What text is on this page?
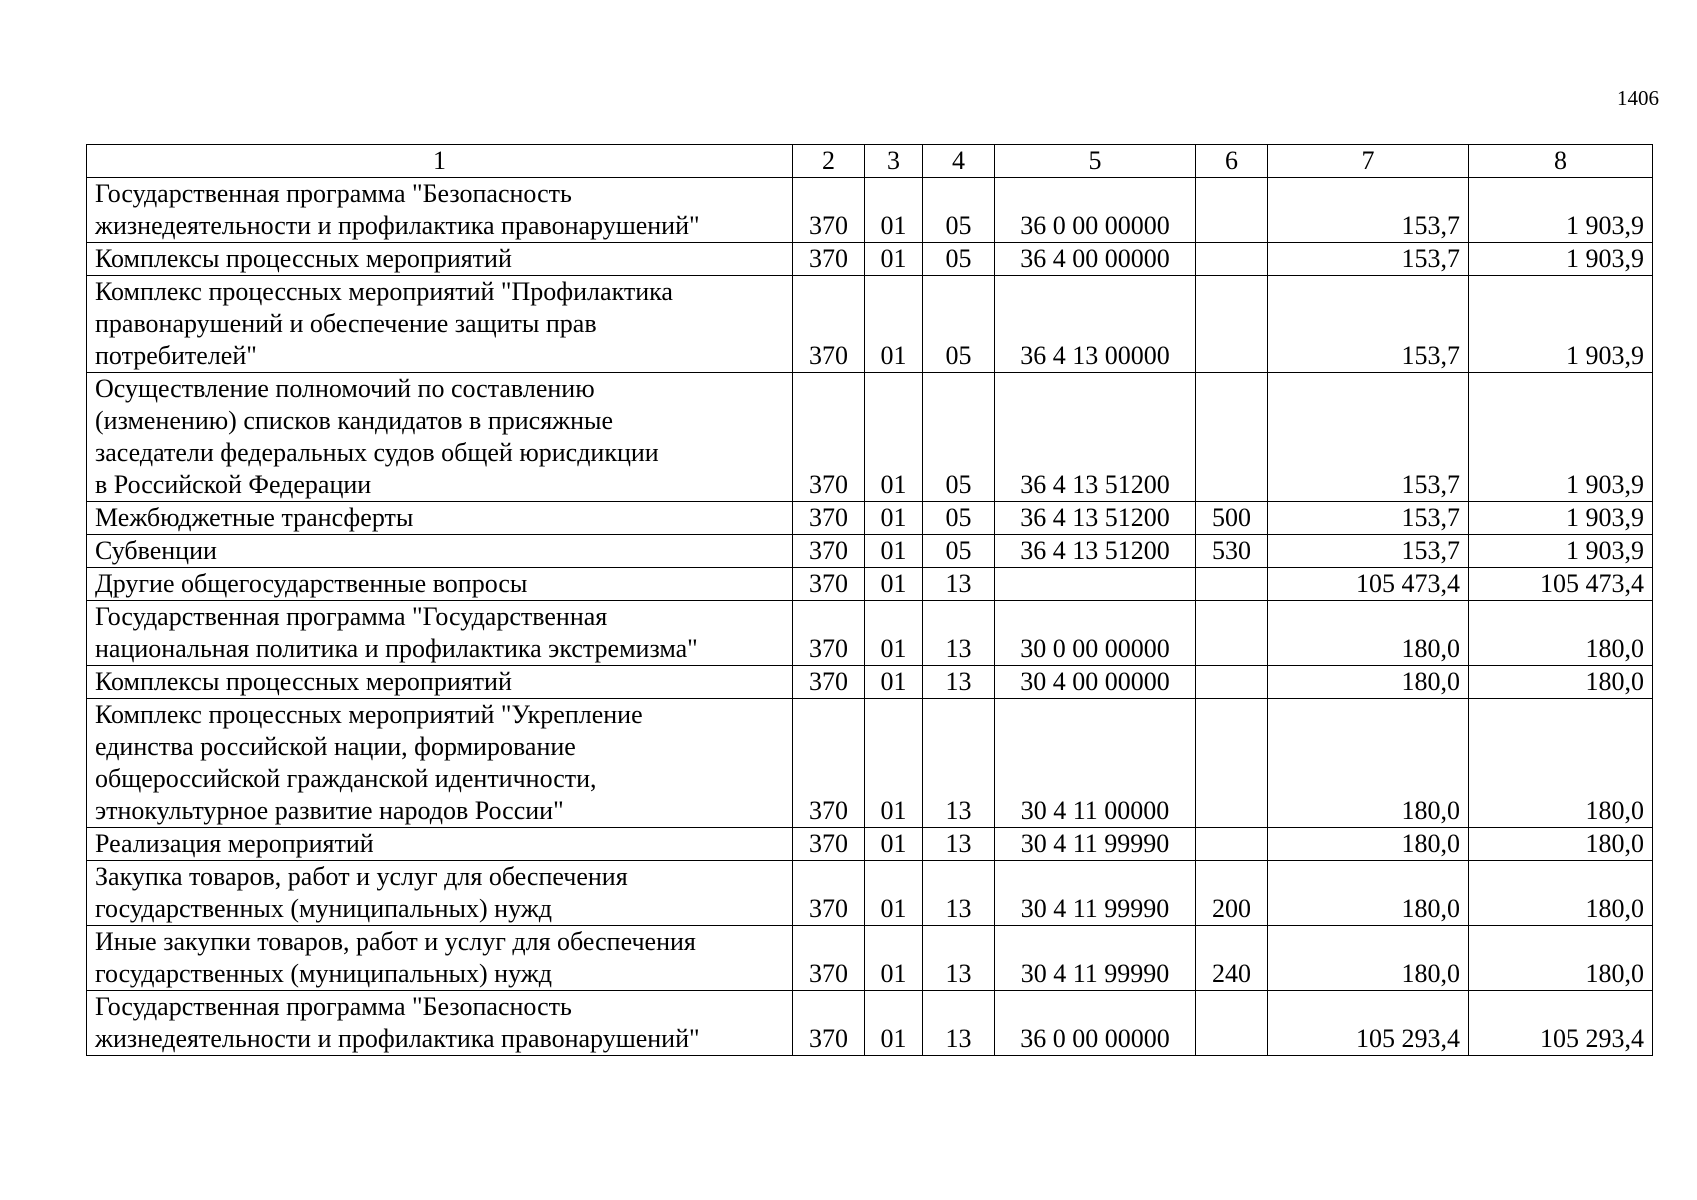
1406
1	2	3	4	5	6	7	8

Государственная программа "Безопасность
жизнедеятельности и профилактика правонарушений"	370	01	05	36 0 00 00000		153,7	1 903,9

Комплексы процессных мероприятий	370	01	05	36 4 00 00000		153,7	1 903,9

Комплекс процессных мероприятий "Профилактика
правонарушений и обеспечение защиты прав
потребителей"	370	01	05	36 4 13 00000		153,7	1 903,9

Осуществление полномочий по составлению
(изменению) списков кандидатов в присяжные
заседатели федеральных судов общей юрисдикции
в Российской Федерации	370	01	05	36 4 13 51200		153,7	1 903,9

Межбюджетные трансферты	370	01	05	36 4 13 51200	500	153,7	1 903,9

Субвенции	370	01	05	36 4 13 51200	530	153,7	1 903,9

Другие общегосударственные вопросы	370	01	13			105 473,4	105 473,4

Государственная программа "Государственная
национальная политика и профилактика экстремизма"	370	01	13	30 0 00 00000		180,0	180,0

Комплексы процессных мероприятий	370	01	13	30 4 00 00000		180,0	180,0

Комплекс процессных мероприятий "Укрепление
единства российской нации, формирование
общероссийской гражданской идентичности,
этнокультурное развитие народов России"	370	01	13	30 4 11 00000		180,0	180,0

Реализация мероприятий	370	01	13	30 4 11 99990		180,0	180,0

Закупка товаров, работ и услуг для обеспечения
государственных (муниципальных) нужд	370	01	13	30 4 11 99990	200	180,0	180,0

Иные закупки товаров, работ и услуг для обеспечения
государственных (муниципальных) нужд	370	01	13	30 4 11 99990	240	180,0	180,0

Государственная программа "Безопасность
жизнедеятельности и профилактика правонарушений"	370	01	13	36 0 00 00000		105 293,4	105 293,4
